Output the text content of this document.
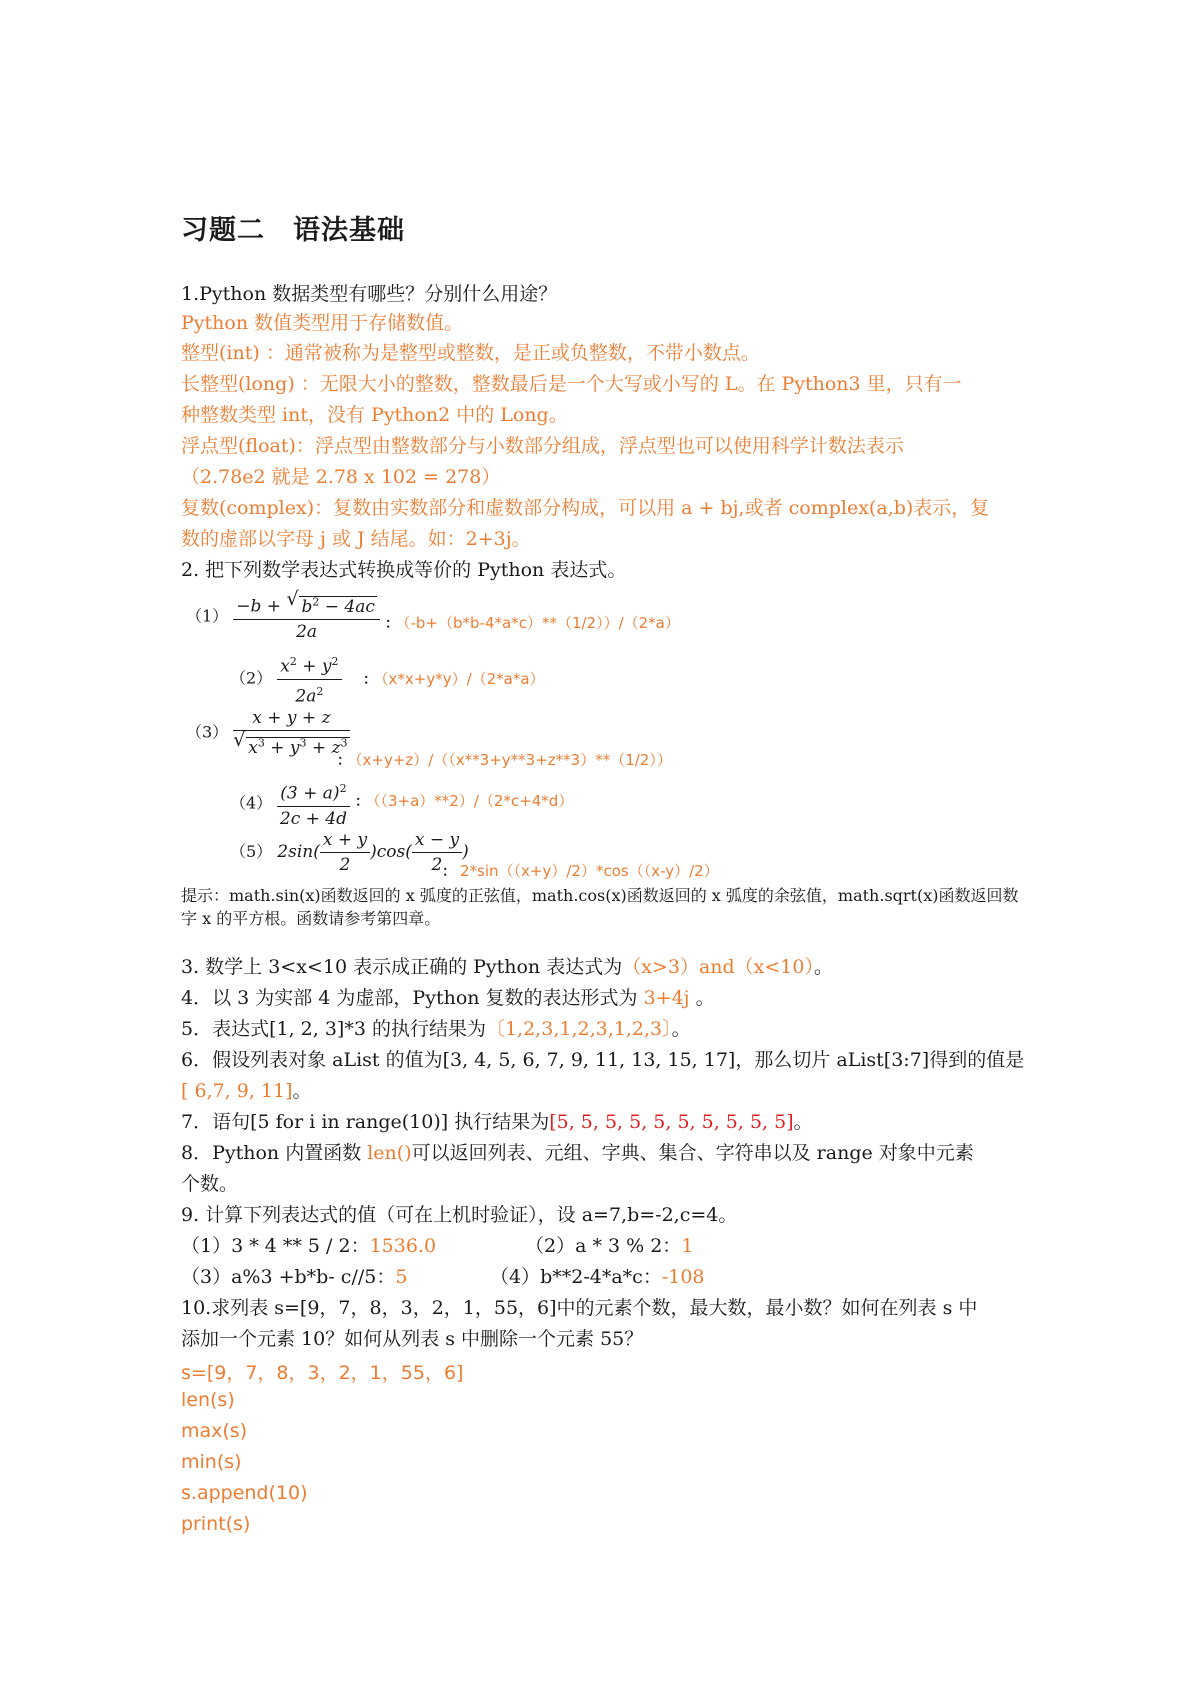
习题二　语法基础
1.Python 数据类型有哪些？分别什么用途？
Python 数值类型用于存储数值。
整型(int) ：通常被称为是整型或整数，是正或负整数，不带小数点。
长整型(long) ：无限大小的整数，整数最后是一个大写或小写的 L。在 Python3 里，只有一
种整数类型 int，没有 Python2 中的 Long。
浮点型(float)：浮点型由整数部分与小数部分组成，浮点型也可以使用科学计数法表示
（2.78e2 就是 2.78 x 102 = 278）
复数(complex)：复数由实数部分和虚数部分构成，可以用 a + bj,或者 complex(a,b)表示，复
数的虚部以字母 j 或 J 结尾。如：2+3j。
2. 把下列数学表达式转换成等价的 Python 表达式。
$(1) \frac{-b + √ b^2 - 4ac}{2a}$ ： （-b+（b*b-4*a*c）**（1/2））/（2*a）
$(2) \frac{x^2 + y^2}{2a^2}$ ： （x*x+y*y）/（2*a*a）
$(3) \frac{x + y + z}{√ x^3 + y^3 + z^3}$
： （x+y+z）/（（x**3+y**3+z**3）**（1/2））
$(4) \frac{(3 + a)^2}{2c + 4d}$ ： （（3+a）**2）/（2*c+4*d）
（5） $2\sin( \frac{x + y}{2} )\cos( \frac{x - y}{2}$ )
： 2*sin（（x+y）/2）*cos（（x-y）/2）
提示：math.sin(x)函数返回的 x 弧度的正弦值，math.cos(x)函数返回的 x 弧度的余弦值，math.sqrt(x)函数返回数字 x 的平方根。函数请参考第四章。
3. 数学上 3<x<10 表示成正确的 Python 表达式为（x>3）and（x<10）。
4．以 3 为实部 4 为虚部，Python 复数的表达形式为 3+4j 。
5．表达式[1, 2, 3]*3 的执行结果为〔1,2,3,1,2,3,1,2,3〕。
6．假设列表对象 aList 的值为[3, 4, 5, 6, 7, 9, 11, 13, 15, 17]，那么切片 aList[3:7]得到的值是
[ 6,7, 9, 11]。
7．语句[5 for i in range(10)] 执行结果为[5, 5, 5, 5, 5, 5, 5, 5, 5, 5]。
8．Python 内置函数 len()可以返回列表、元组、字典、集合、字符串以及 range 对象中元素
个数。
9. 计算下列表达式的值（可在上机时验证），设 a=7,b=-2,c=4。
（1）3 * 4 ** 5 / 2：1536.0	（2）a * 3 % 2：1
（3）a%3 +b*b- c//5：5	（4）b**2-4*a*c：-108
10.求列表 s=[9，7，8，3，2，1，55，6]中的元素个数，最大数，最小数？如何在列表 s 中
添加一个元素 10？如何从列表 s 中删除一个元素 55？
s=[9，7，8，3，2，1，55，6]
len(s)
max(s)
min(s)
s.append(10)
print(s)
